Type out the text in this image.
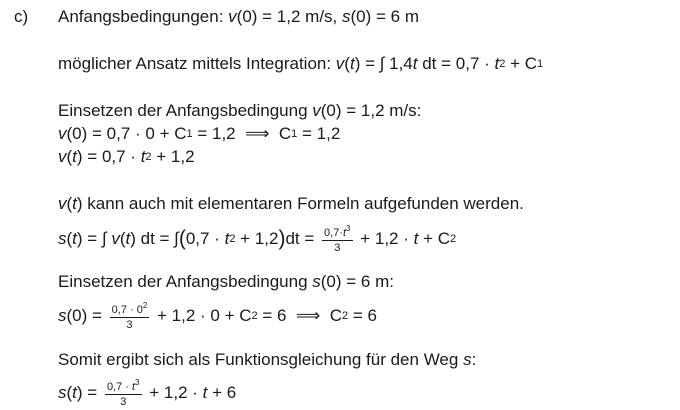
c) Anfangsbedingungen: v (0) = 1,2 m/s, s (0) = 6 m
möglicher Ansatz mittels Integration: v ( t ) = ∫ 1,4 t dt = 0,7 · t 2 + C 1
Einsetzen der Anfangsbedingung v (0) = 1,2 m/s:
v (0) = 0,7 · 0 + C 1 = 1,2  ⟹  C 1 = 1,2
v ( t ) = 0,7 · t 2 + 1,2
v ( t ) kann auch mit elementaren Formeln aufgefunden werden.
s ( t ) = ∫ v ( t ) dt = ∫ ( 0,7 · t 2 + 1,2 ) dt = $\frac{0,7\cdot t^3}{3} + 1,2 \cdot t + C$ 2
Einsetzen der Anfangsbedingung s (0) = 6 m:
s $(0) = \frac{0,7 \cdot 0^2}{3} + 1,2 \cdot 0 + C$ 2 = 6  ⟹  C 2 = 6
Somit ergibt sich als Funktionsgleichung für den Weg s :
s ( t ) = $\frac{0,7 \cdot t^3}{3} + 1,2 \cdot t + 6$
